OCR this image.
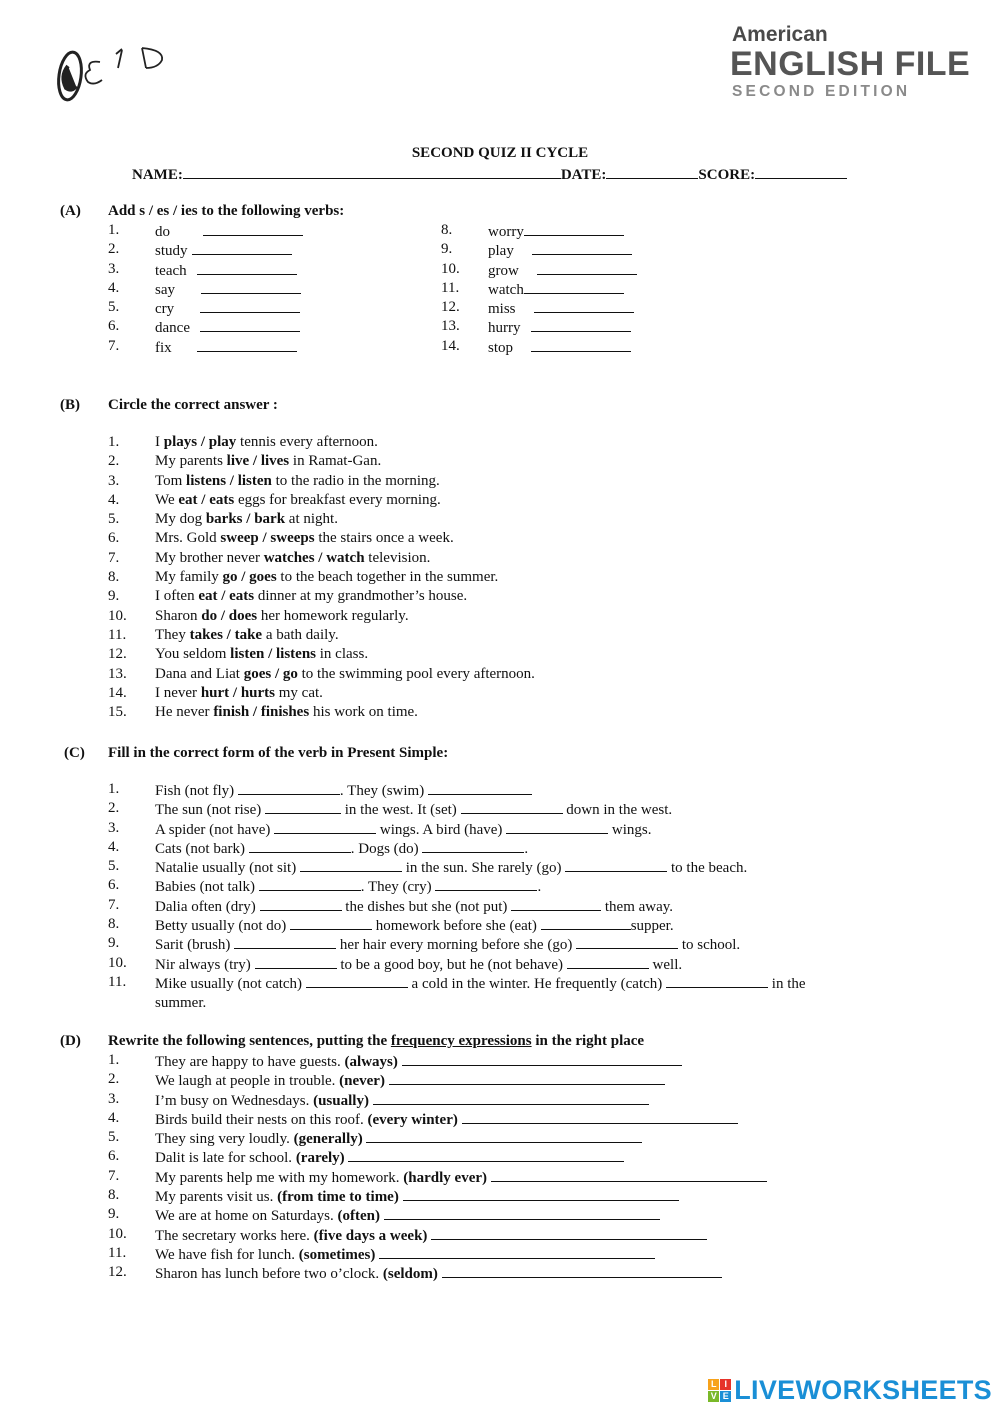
American
ENGLISH FILE
SECOND EDITION
SECOND QUIZ II CYCLE
NAME:	DATE:	SCORE:
(A) Add s / es / ies to the following verbs:
1.	do
2.	study
3.	teach
4.	say
5.	cry
6.	dance
7.	fix
8.	worry
9.	play
10.	grow
11.	watch
12.	miss
13.	hurry
14.	stop
(B) Circle the correct answer :
1.	I plays / play tennis every afternoon.
2.	My parents live / lives in Ramat-Gan.
3.	Tom listens / listen to the radio in the morning.
4.	We eat / eats eggs for breakfast every morning.
5.	My dog barks / bark at night.
6.	Mrs. Gold sweep / sweeps the stairs once a week.
7.	My brother never watches / watch television.
8.	My family go / goes to the beach together in the summer.
9.	I often eat / eats dinner at my grandmother’s house.
10.	Sharon do / does her homework regularly.
11.	They takes / take a bath daily.
12.	You seldom listen / listens in class.
13.	Dana and Liat goes / go to the swimming pool every afternoon.
14.	I never hurt / hurts my cat.
15.	He never finish / finishes his work on time.
(C) Fill in the correct form of the verb in Present Simple:
1.	Fish (not fly)	. They (swim)
2.	The sun (not rise)	in the west. It (set)	down in the west.
3.	A spider (not have)	wings. A bird (have)	wings.
4.	Cats (not bark)	. Dogs (do)	.
5.	Natalie usually (not sit)	in the sun. She rarely (go)	to the beach.
6.	Babies (not talk)	. They (cry)	.
7.	Dalia often (dry)	the dishes but she (not put)	them away.
8.	Betty usually (not do)	homework before she (eat)	supper.
9.	Sarit (brush)	her hair every morning before she (go)	to school.
10.	Nir always (try)	to be a good boy, but he (not behave)	well.
11.	Mike usually (not catch)	a cold in the winter. He frequently (catch)	in the summer.
(D) Rewrite the following sentences, putting the frequency expressions in the right place
1.	They are happy to have guests. (always)
2.	We laugh at people in trouble. (never)
3.	I’m busy on Wednesdays. (usually)
4.	Birds build their nests on this roof. (every winter)
5.	They sing very loudly. (generally)
6.	Dalit is late for school. (rarely)
7.	My parents help me with my homework. (hardly ever)
8.	My parents visit us. (from time to time)
9.	We are at home on Saturdays. (often)
10.	The secretary works here. (five days a week)
11.	We have fish for lunch. (sometimes)
12.	Sharon has lunch before two o’clock. (seldom)
L I
V E LIVEWORKSHEETS
